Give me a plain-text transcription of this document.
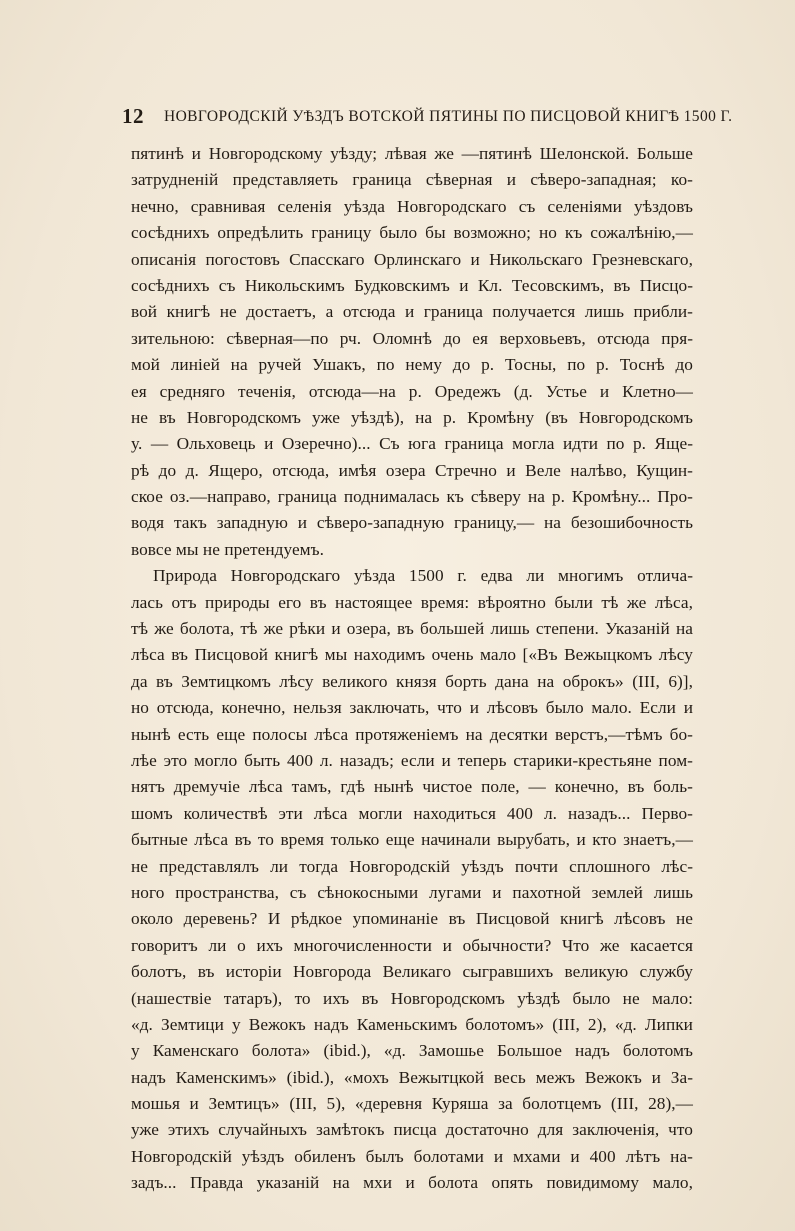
12 НОВГОРОДСКІЙ УѢЗДЪ ВОТСКОЙ ПЯТИНЫ ПО ПИСЦОВОЙ КНИГѢ 1500 Г.
пятинѣ и Новгородскому уѣзду; лѣвая же —пятинѣ Шелонской. Больше
затрудненій представляеть граница сѣверная и сѣверо-западная; ко-
нечно, сравнивая селенія уѣзда Новгородскаго съ селеніями уѣздовъ
сосѣднихъ опредѣлить границу было бы возможно; но къ сожалѣнію,—
описанія погостовъ Спасскаго Орлинскаго и Никольскаго Грезневскаго,
сосѣднихъ съ Никольскимъ Будковскимъ и Кл. Тесовскимъ, въ Писцо-
вой книгѣ не достаетъ, а отсюда и граница получается лишь прибли-
зительною: сѣверная—по рч. Оломнѣ до ея верховьевъ, отсюда пря-
мой линіей на ручей Ушакъ, по нему до р. Тосны, по р. Тоснѣ до
ея средняго теченія, отсюда—на р. Оредежъ (д. Устье и Клетно—
не въ Новгородскомъ уже уѣздѣ), на р. Кромѣну (въ Новгородскомъ
у. — Ольховець и Озеречно)... Съ юга граница могла идти по р. Ящe-
рѣ до д. Ящеро, отсюда, имѣя озера Стречно и Веле налѣво, Кущин-
ское оз.—направо, граница поднималась къ сѣверу на р. Кромѣну... Про-
водя такъ западную и сѣверо-западную границу,— на безошибочность
вовсе мы не претендуемъ.
Природа Новгородскаго уѣзда 1500 г. едва ли многимъ отлича-
лась отъ природы его въ настоящее время: вѣроятно были тѣ же лѣса,
тѣ же болота, тѣ же рѣки и озера, въ большей лишь степени. Указаній на
лѣса въ Писцовой книгѣ мы находимъ очень мало [«Въ Вежыцкомъ лѣсу
да въ Земтицкомъ лѣсу великого князя борть дана на оброкъ» (III, 6)],
но отсюда, конечно, нельзя заключать, что и лѣсовъ было мало. Если и
нынѣ есть еще полосы лѣса протяженіемъ на десятки верстъ,—тѣмъ бо-
лѣе это могло быть 400 л. назадъ; если и теперь старики-крестьяне пом-
нятъ дремучіе лѣса тамъ, гдѣ нынѣ чистое поле, — конечно, въ боль-
шомъ количествѣ эти лѣса могли находиться 400 л. назадъ... Перво-
бытные лѣса въ то время только еще начинали вырубать, и кто знаетъ,—
не представлялъ ли тогда Новгородскій уѣздъ почти сплошного лѣс-
ного пространства, съ сѣнокосными лугами и пахотной землей лишь
около деревень? И рѣдкое упоминаніе въ Писцовой книгѣ лѣсовъ не
говоритъ ли о ихъ многочисленности и обычности? Что же касается
болотъ, въ исторіи Новгорода Великаго сыгравшихъ великую службу
(нашествіе татаръ), то ихъ въ Новгородскомъ уѣздѣ было не мало:
«д. Земтици у Вежокъ надъ Каменьскимъ болотомъ» (III, 2), «д. Липки
у Каменскаго болота» (ibid.), «д. Замошье Большое надъ болотомъ
надъ Каменскимъ» (ibid.), «мохъ Вежытцкой весь межъ Вежокъ и За-
мошья и Земтицъ» (III, 5), «деревня Куряша за болотцемъ (III, 28),—
уже этихъ случайныхъ замѣтокъ писца достаточно для заключенія, что
Новгородскій уѣздъ обиленъ былъ болотами и мхами и 400 лѣтъ на-
задъ... Правда указаній на мхи и болота опять повидимому мало,
